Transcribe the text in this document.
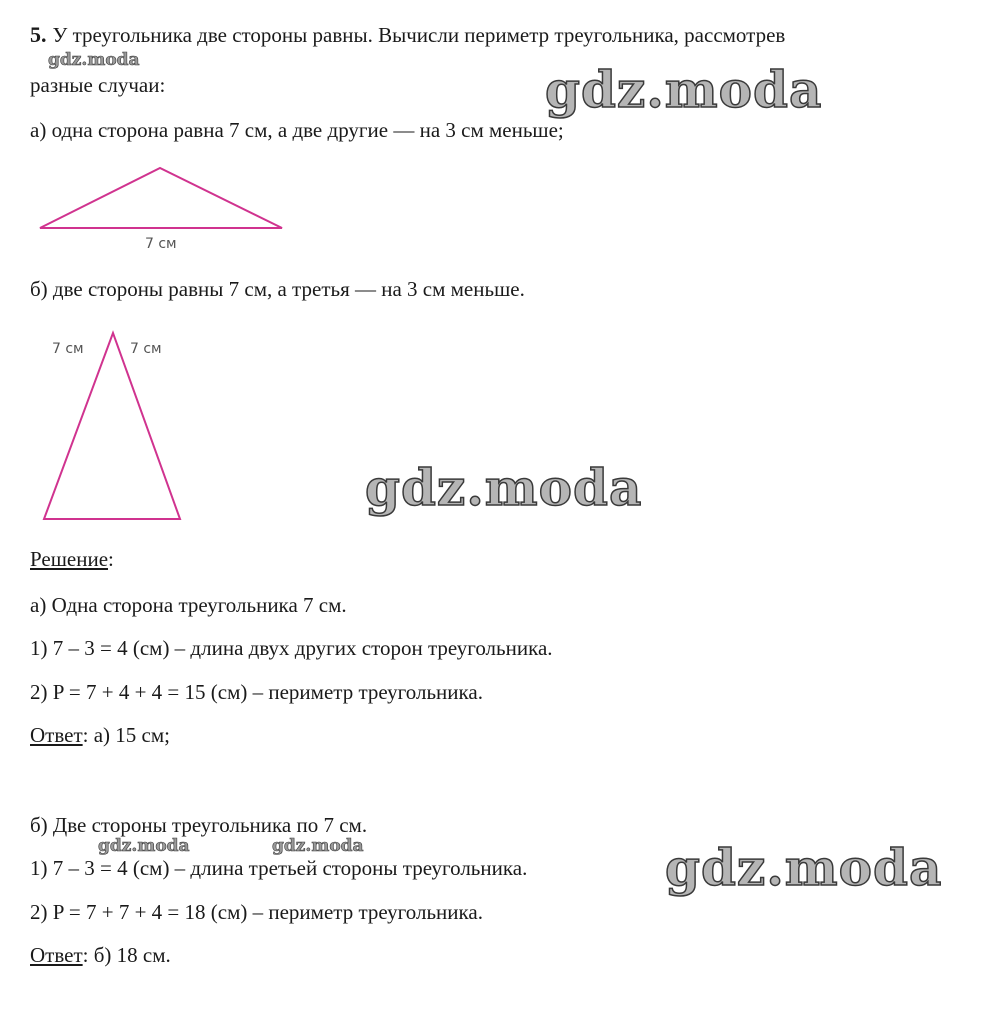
5. У треугольника две стороны равны. Вычисли периметр треугольника, рассмотрев
gdz.moda
разные случаи:	gdz.moda
а) одна сторона равна 7 см, а две другие — на 3 см меньше;
7 см
б) две стороны равны 7 см, а третья — на 3 см меньше.
7 см	7 см
gdz.moda
Решение:
а) Одна сторона треугольника 7 см.
1) 7 – 3 = 4 (см) – длина двух других сторон треугольника.
2) P = 7 + 4 + 4 = 15 (см) – периметр треугольника.
Ответ: а) 15 см;
б) Две стороны треугольника по 7 см.
gdz.moda	gdz.moda
1) 7 – 3 = 4 (см) – длина третьей стороны треугольника.	gdz.moda
2) P = 7 + 7 + 4 = 18 (см) – периметр треугольника.
Ответ: б) 18 см.
